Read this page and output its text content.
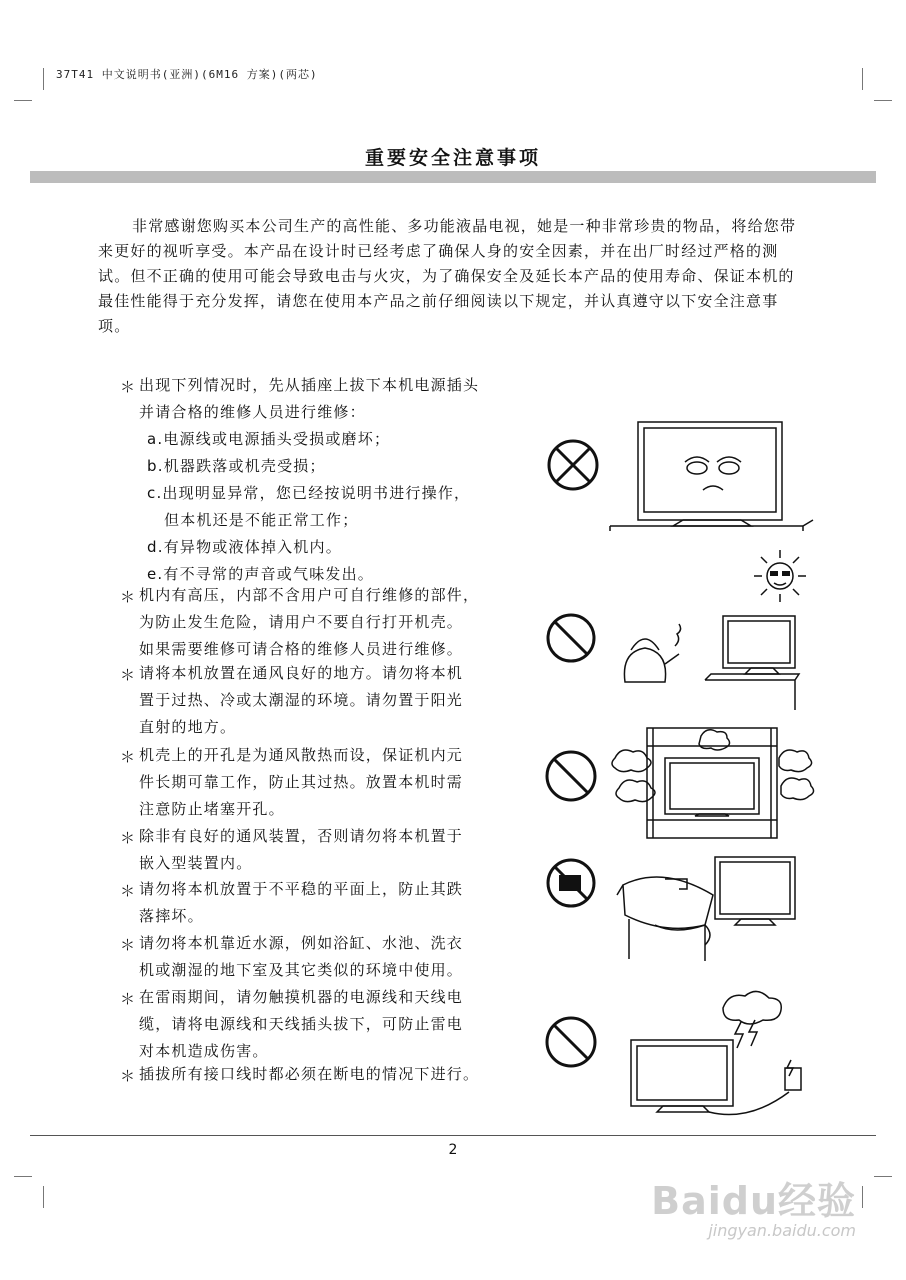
37T41 中文说明书(亚洲)(6M16 方案)(两芯)
重要安全注意事项
非常感谢您购买本公司生产的高性能、多功能液晶电视，她是一种非常珍贵的物品，将给您带来更好的视听享受。本产品在设计时已经考虑了确保人身的安全因素，并在出厂时经过严格的测试。但不正确的使用可能会导致电击与火灾，为了确保安全及延长本产品的使用寿命、保证本机的最佳性能得于充分发挥，请您在使用本产品之前仔细阅读以下规定，并认真遵守以下安全注意事项。
＊ 出现下列情况时，先从插座上拔下本机电源插头
并请合格的维修人员进行维修：
a.电源线或电源插头受损或磨坏；
b.机器跌落或机壳受损；
c.出现明显异常，您已经按说明书进行操作，
但本机还是不能正常工作；
d.有异物或液体掉入机内。
e.有不寻常的声音或气味发出。
＊ 机内有高压，内部不含用户可自行维修的部件，
为防止发生危险，请用户不要自行打开机壳。
如果需要维修可请合格的维修人员进行维修。
＊ 请将本机放置在通风良好的地方。请勿将本机
置于过热、冷或太潮湿的环境。请勿置于阳光
直射的地方。
＊ 机壳上的开孔是为通风散热而设，保证机内元
件长期可靠工作，防止其过热。放置本机时需
注意防止堵塞开孔。
＊ 除非有良好的通风装置，否则请勿将本机置于
嵌入型装置内。
＊ 请勿将本机放置于不平稳的平面上，防止其跌
落摔坏。
＊ 请勿将本机靠近水源，例如浴缸、水池、洗衣
机或潮湿的地下室及其它类似的环境中使用。
＊ 在雷雨期间，请勿触摸机器的电源线和天线电
缆，请将电源线和天线插头拔下，可防止雷电
对本机造成伤害。
＊ 插拔所有接口线时都必须在断电的情况下进行。
2
Baidu经验
jingyan.baidu.com
